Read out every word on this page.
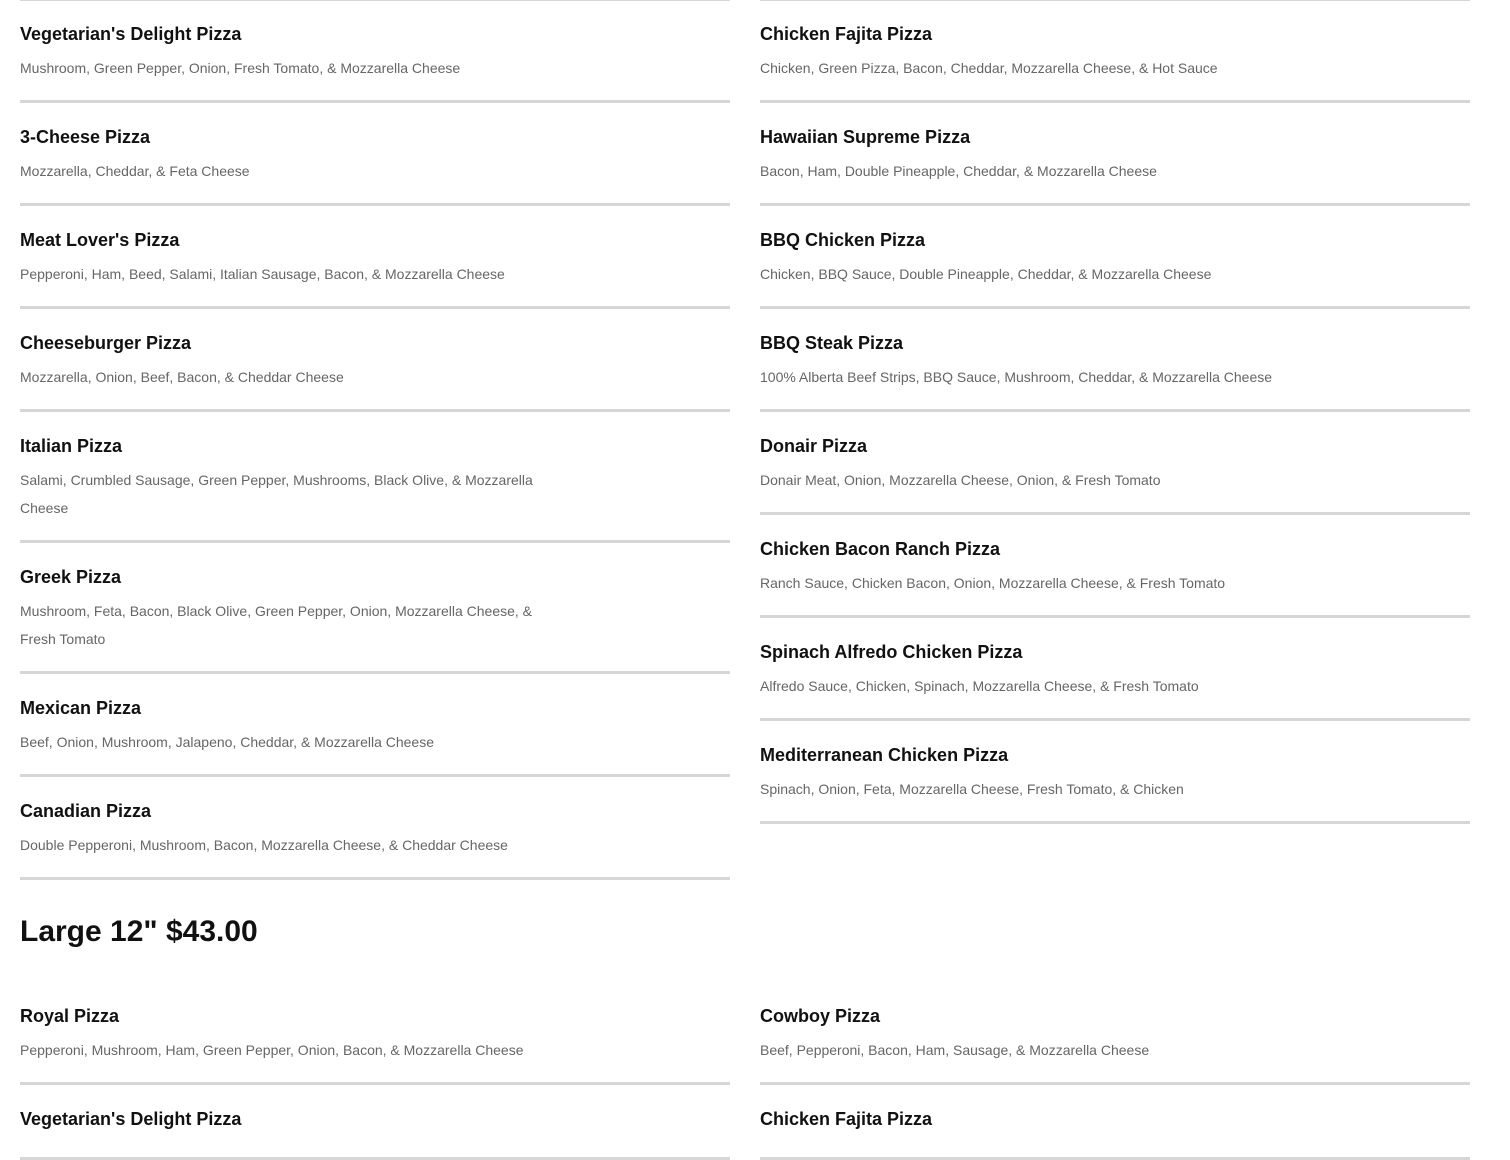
Vegetarian's Delight Pizza
Mushroom, Green Pepper, Onion, Fresh Tomato, & Mozzarella Cheese
3-Cheese Pizza
Mozzarella, Cheddar, & Feta Cheese
Meat Lover's Pizza
Pepperoni, Ham, Beed, Salami, Italian Sausage, Bacon, & Mozzarella Cheese
Cheeseburger Pizza
Mozzarella, Onion, Beef, Bacon, & Cheddar Cheese
Italian Pizza
Salami, Crumbled Sausage, Green Pepper, Mushrooms, Black Olive, & Mozzarella Cheese
Greek Pizza
Mushroom, Feta, Bacon, Black Olive, Green Pepper, Onion, Mozzarella Cheese, & Fresh Tomato
Mexican Pizza
Beef, Onion, Mushroom, Jalapeno, Cheddar, & Mozzarella Cheese
Canadian Pizza
Double Pepperoni, Mushroom, Bacon, Mozzarella Cheese, & Cheddar Cheese
Chicken Fajita Pizza
Chicken, Green Pizza, Bacon, Cheddar, Mozzarella Cheese, & Hot Sauce
Hawaiian Supreme Pizza
Bacon, Ham, Double Pineapple, Cheddar, & Mozzarella Cheese
BBQ Chicken Pizza
Chicken, BBQ Sauce, Double Pineapple, Cheddar, & Mozzarella Cheese
BBQ Steak Pizza
100% Alberta Beef Strips, BBQ Sauce, Mushroom, Cheddar, & Mozzarella Cheese
Donair Pizza
Donair Meat, Onion, Mozzarella Cheese, Onion, & Fresh Tomato
Chicken Bacon Ranch Pizza
Ranch Sauce, Chicken Bacon, Onion, Mozzarella Cheese, & Fresh Tomato
Spinach Alfredo Chicken Pizza
Alfredo Sauce, Chicken, Spinach, Mozzarella Cheese, & Fresh Tomato
Mediterranean Chicken Pizza
Spinach, Onion, Feta, Mozzarella Cheese, Fresh Tomato, & Chicken
Large 12" $43.00
Royal Pizza
Pepperoni, Mushroom, Ham, Green Pepper, Onion, Bacon, & Mozzarella Cheese
Vegetarian's Delight Pizza
Cowboy Pizza
Beef, Pepperoni, Bacon, Ham, Sausage, & Mozzarella Cheese
Chicken Fajita Pizza
